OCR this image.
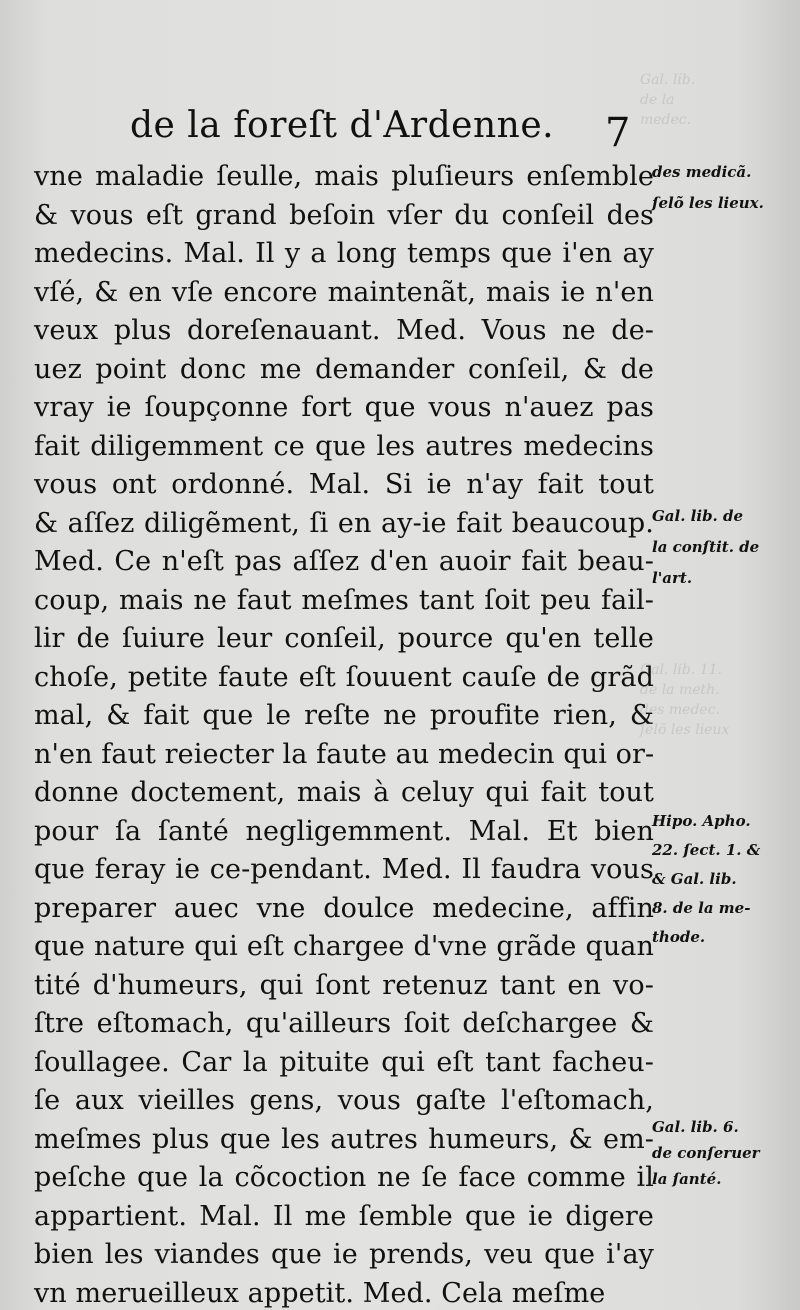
Gal. lib.
de la
medec.
Gal. lib. 11.
de la meth.
des medec.
ſelõ les lieux
de la foreſt d'Ardenne. 7
vne maladie ſeulle, mais pluſieurs enſemble
& vous eſt grand beſoin vſer du conſeil des
medecins. Mal. Il y a long temps que i'en ay
vſé, & en vſe encore maintenãt, mais ie n'en
veux plus doreſenauant. Med. Vous ne de-
uez point donc me demander conſeil, & de
vray ie ſoupçonne fort que vous n'auez pas
fait diligemment ce que les autres medecins
vous ont ordonné. Mal. Si ie n'ay fait tout
& aſſez diligẽment, ſi en ay-ie fait beaucoup.
Med. Ce n'eſt pas aſſez d'en auoir fait beau-
coup, mais ne faut meſmes tant ſoit peu fail-
lir de ſuiure leur conſeil, pource qu'en telle
choſe, petite faute eſt ſouuent cauſe de grãd
mal, & fait que le reſte ne proufite rien, &
n'en faut reiecter la faute au medecin qui or-
donne doctement, mais à celuy qui fait tout
pour ſa ſanté negligemment. Mal. Et bien
que feray ie ce-pendant. Med. Il faudra vous
preparer auec vne doulce medecine, affin
que nature qui eſt chargee d'vne grãde quan
tité d'humeurs, qui ſont retenuz tant en vo-
ſtre eſtomach, qu'ailleurs ſoit deſchargee &
ſoullagee. Car la pituite qui eſt tant facheu-
ſe aux vieilles gens, vous gaſte l'eſtomach,
meſmes plus que les autres humeurs, & em-
peſche que la cõcoction ne ſe face comme il
appartient. Mal. Il me ſemble que ie digere
bien les viandes que ie prends, veu que i'ay
vn merueilleux appetit. Med. Cela meſme
des medicã.
ſelõ les lieux.
Gal. lib. de
la conſtit. de
l'art.
Hipo. Apho.
22. ſect. 1. &
& Gal. lib.
8. de la me-
thode.
Gal. lib. 6.
de conſeruer
la ſanté.
